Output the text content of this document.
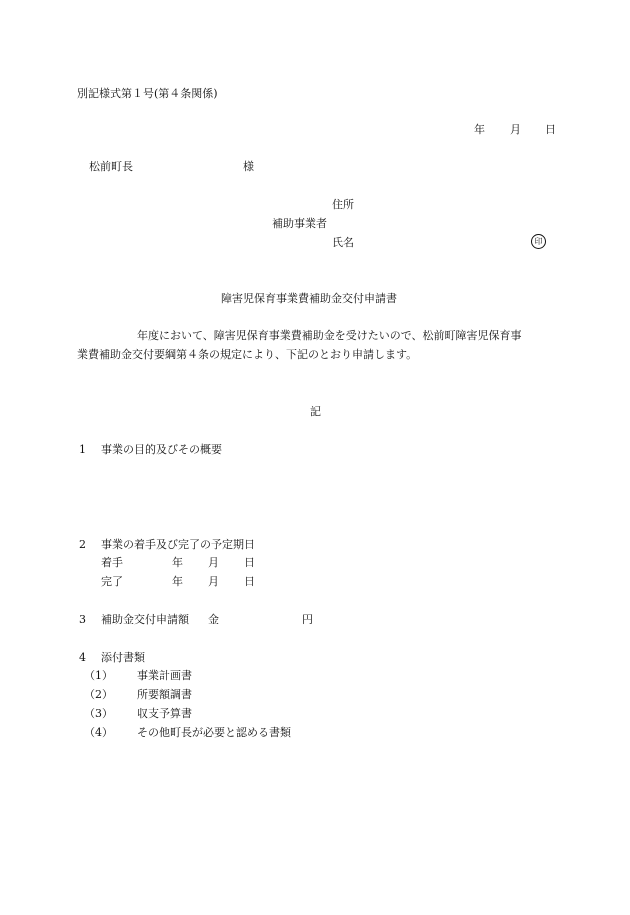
別記様式第１号(第４条関係)
年 月 日
松前町長	様
住所
補助事業者
氏名	印
障害児保育事業費補助金交付申請書
年度において、障害児保育事業費補助金を受けたいので、松前町障害児保育事
業費補助金交付要綱第４条の規定により、下記のとおり申請します。
記
1 事業の目的及びその概要
2 事業の着手及び完了の予定期日
着手	年 月 日
完了	年 月 日
3 補助金交付申請額 金	円
4 添付書類
（1） 事業計画書
（2） 所要額調書
（3） 収支予算書
（4） その他町長が必要と認める書類
